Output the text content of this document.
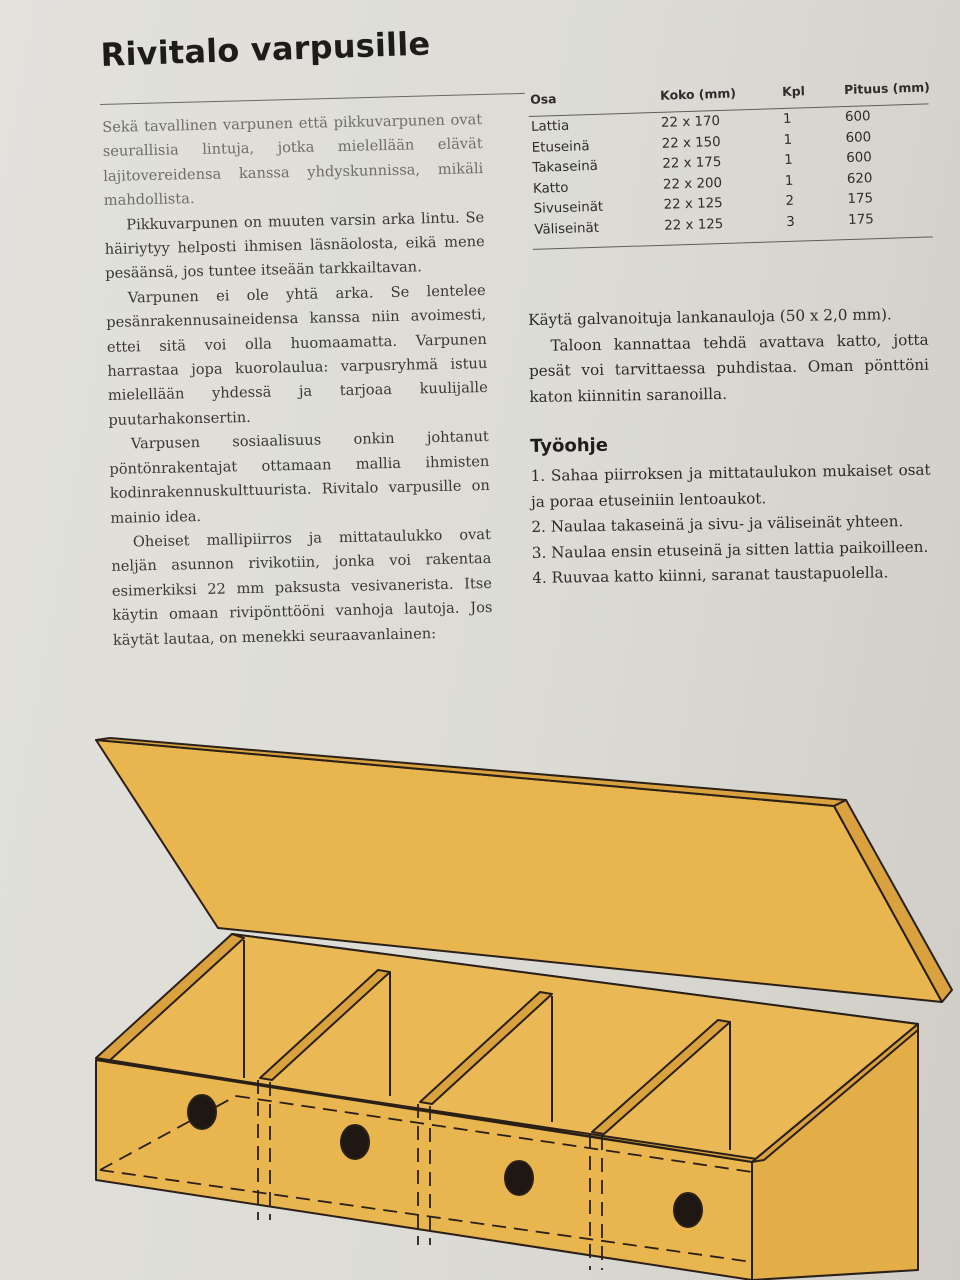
Rivitalo varpusille

Sekä tavallinen varpunen että pikkuvarpunen ovat seurallisia lintuja, jotka mielellään elävät lajitovereidensa kanssa yhdyskunnissa, mikäli mahdollista.

Pikkuvarpunen on muuten varsin arka lintu. Se häiriytyy helposti ihmisen läsnäolosta, eikä mene pesäänsä, jos tuntee itseään tarkkailtavan.

Varpunen ei ole yhtä arka. Se lentelee pesänrakennusaineidensa kanssa niin avoimesti, ettei sitä voi olla huomaamatta. Varpunen harrastaa jopa kuorolaulua: varpusryhmä istuu mielellään yhdessä ja tarjoaa kuulijalle puutarhakonsertin.

Varpusen sosiaalisuus onkin johtanut pöntönrakentajat ottamaan mallia ihmisten kodinrakennuskulttuurista. Rivitalo varpusille on mainio idea.

Oheiset mallipiirros ja mittataulukko ovat neljän asunnon rivikotiin, jonka voi rakentaa esimerkiksi 22 mm paksusta vesivanerista. Itse käytin omaan rivipönttööni vanhoja lautoja. Jos käytät lautaa, on menekki seuraavanlainen:

Osa	Koko (mm)	Kpl	Pituus (mm)
Lattia	22 x 170	1	600
Etuseinä	22 x 150	1	600
Takaseinä	22 x 175	1	600
Katto	22 x 200	1	620
Sivuseinät	22 x 125	2	175
Väliseinät	22 x 125	3	175

Käytä galvanoituja lankanauloja (50 x 2,0 mm).

Taloon kannattaa tehdä avattava katto, jotta pesät voi tarvittaessa puhdistaa. Oman pönttöni katon kiinnitin saranoilla.

Työohje

1. Sahaa piirroksen ja mittataulukon mukaiset osat ja poraa etuseiniin lentoaukot.

2. Naulaa takaseinä ja sivu- ja väliseinät yhteen.

3. Naulaa ensin etuseinä ja sitten lattia paikoilleen.

4. Ruuvaa katto kiinni, saranat taustapuolella.
